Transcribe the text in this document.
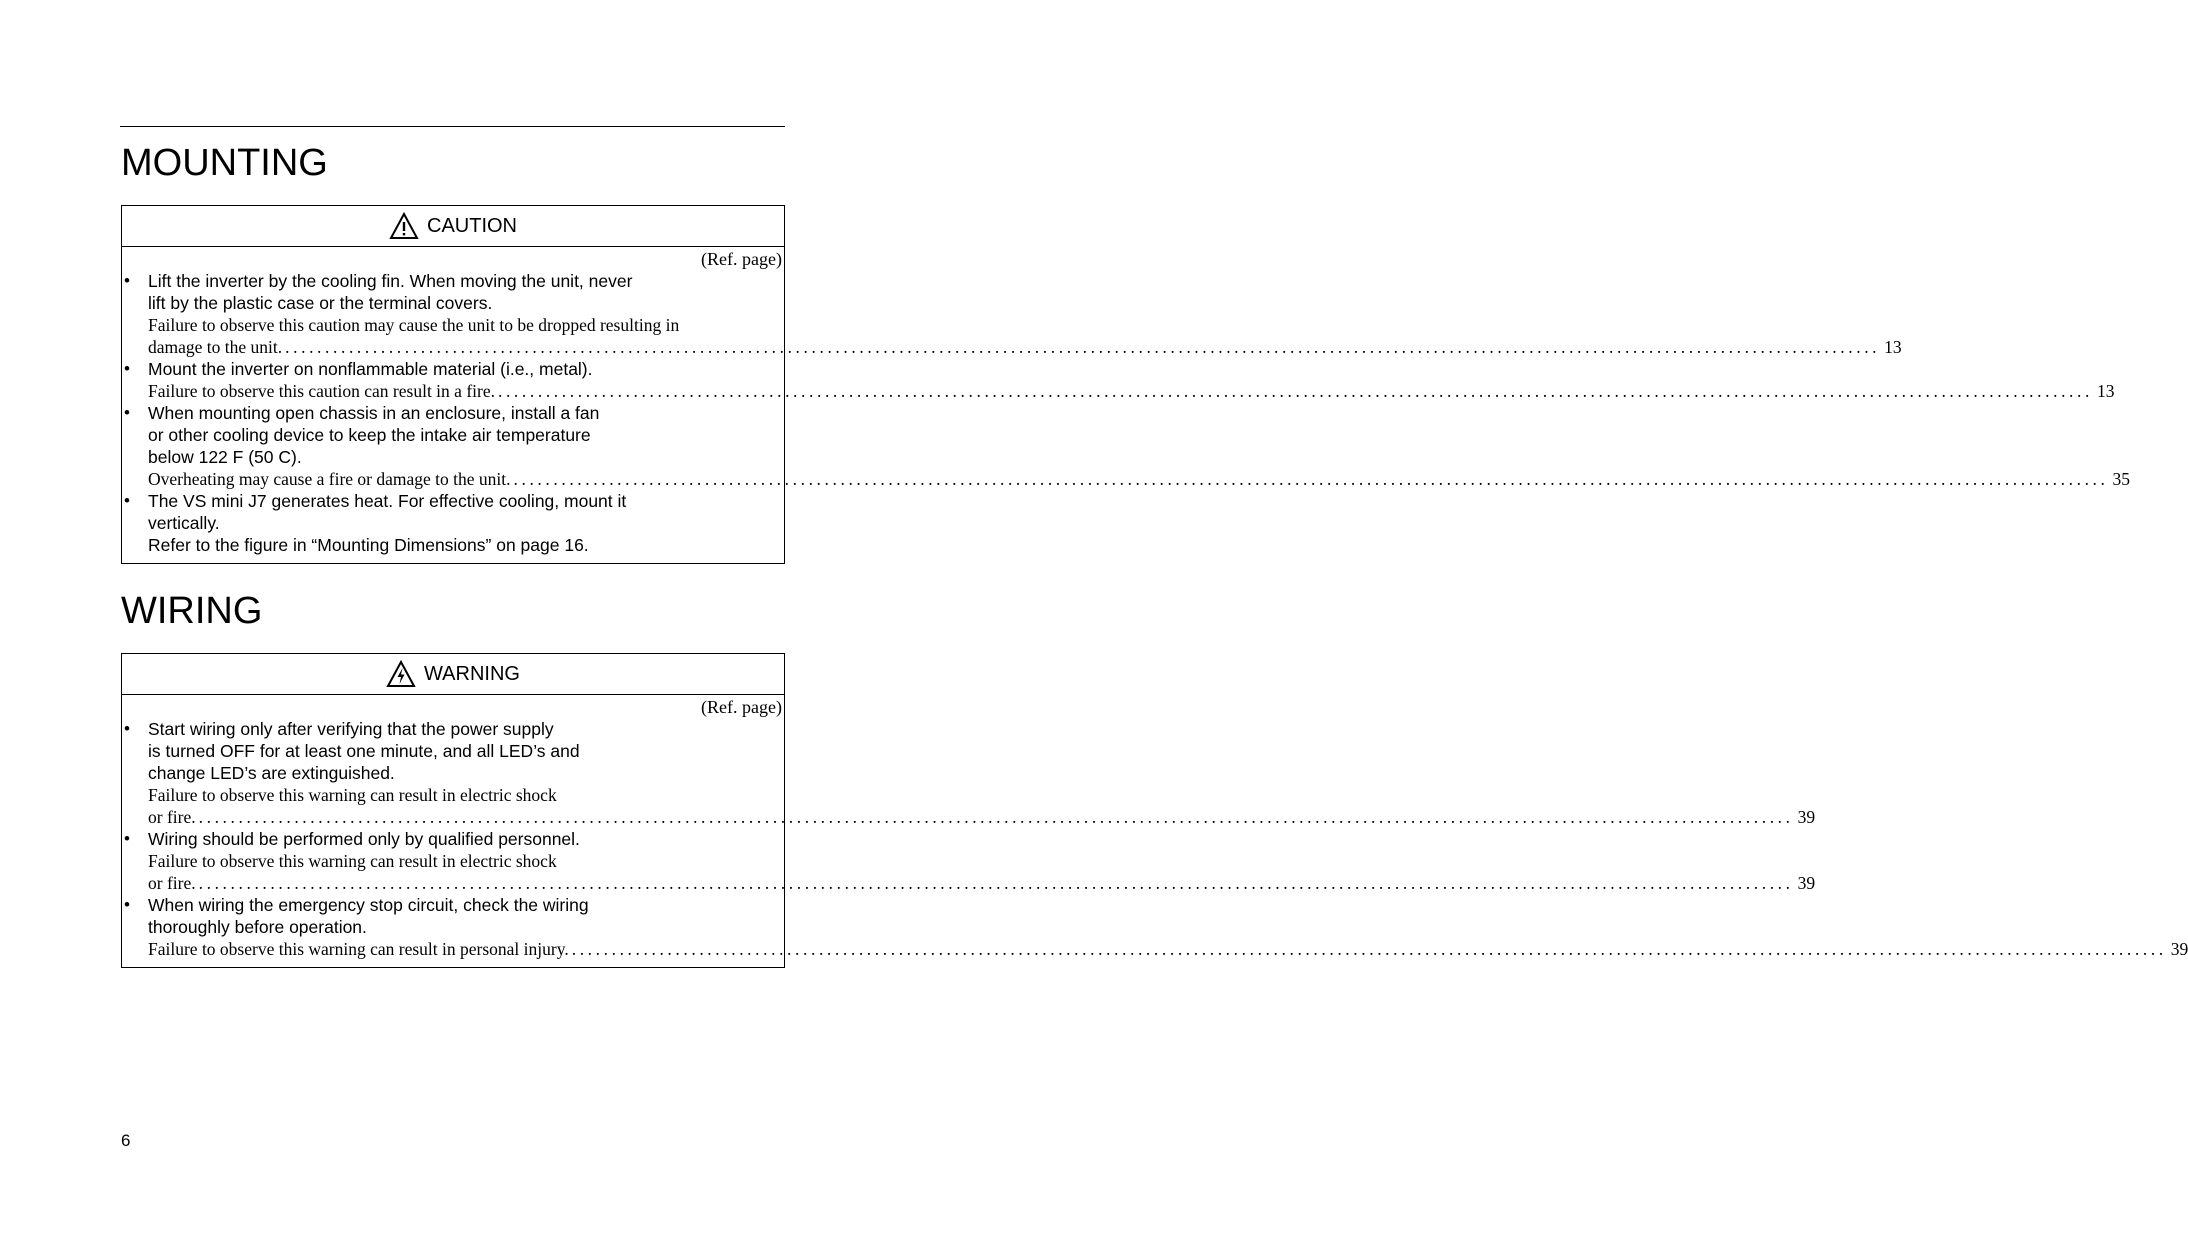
MOUNTING
CAUTION
(Ref. page)
• Lift the inverter by the cooling fin. When moving the unit, never
lift by the plastic case or the terminal covers.
Failure to observe this caution may cause the unit to be dropped resulting in
damage to the unit. ........................................................................................................................................................................................................ 13
• Mount the inverter on nonflammable material (i.e., metal).
Failure to observe this caution can result in a fire. ........................................................................................................................................................................................................ 13
• When mounting open chassis in an enclosure, install a fan
or other cooling device to keep the intake air temperature
below 122 F (50 C).
Overheating may cause a fire or damage to the unit. ........................................................................................................................................................................................................ 35
• The VS mini J7 generates heat. For effective cooling, mount it
vertically.
Refer to the figure in “Mounting Dimensions” on page 16.
WIRING
WARNING
(Ref. page)
• Start wiring only after verifying that the power supply
is turned OFF for at least one minute, and all LED’s and
change LED’s are extinguished.
Failure to observe this warning can result in electric shock
or fire. ........................................................................................................................................................................................................ 39
• Wiring should be performed only by qualified personnel.
Failure to observe this warning can result in electric shock
or fire. ........................................................................................................................................................................................................ 39
• When wiring the emergency stop circuit, check the wiring
thoroughly before operation.
Failure to observe this warning can result in personal injury. ........................................................................................................................................................................................................ 39
6
